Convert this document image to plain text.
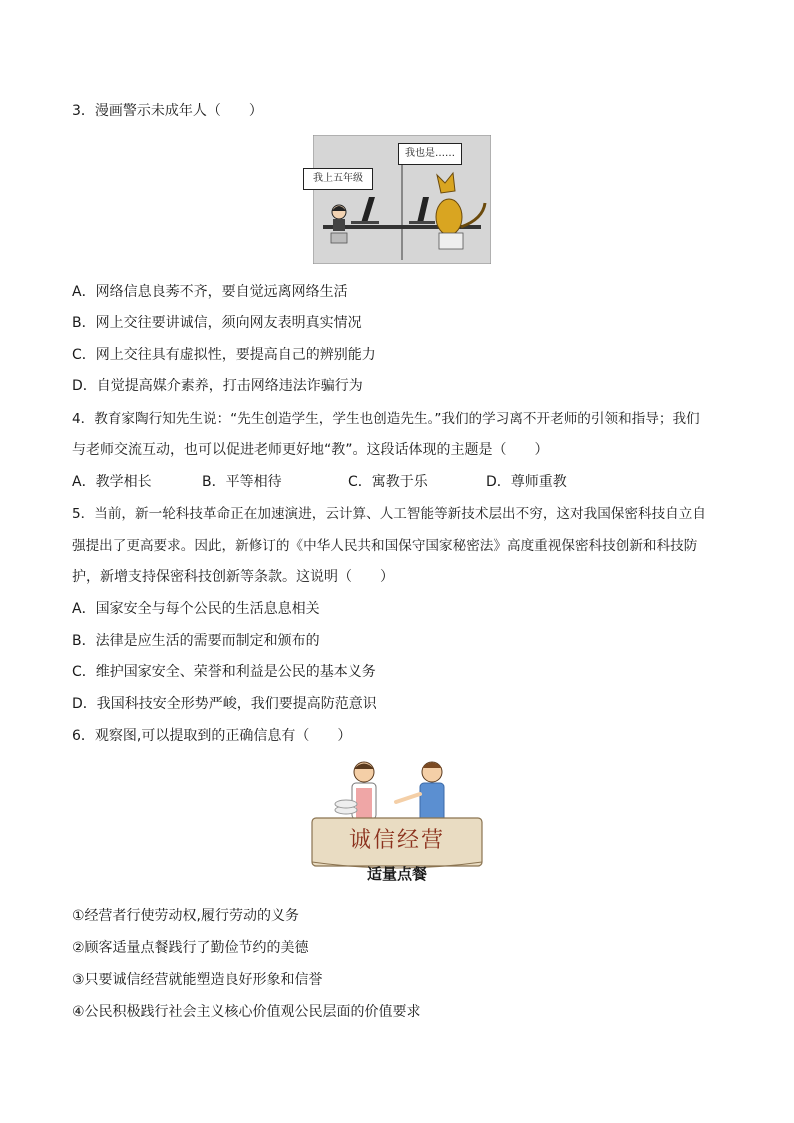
3．漫画警示未成年人（　　）
我上五年级
我也是……
A．网络信息良莠不齐，要自觉远离网络生活
B．网上交往要讲诚信，须向网友表明真实情况
C．网上交往具有虚拟性，要提高自己的辨别能力
D．自觉提高媒介素养，打击网络违法诈骗行为
4．教育家陶行知先生说：“先生创造学生，学生也创造先生。”我们的学习离不开老师的引领和指导；我们
与老师交流互动，也可以促进老师更好地“教”。这段话体现的主题是（　　）
A．教学相长	B．平等相待	C．寓教于乐	D．尊师重教
5．当前，新一轮科技革命正在加速演进，云计算、人工智能等新技术层出不穷，这对我国保密科技自立自
强提出了更高要求。因此，新修订的《中华人民共和国保守国家秘密法》高度重视保密科技创新和科技防
护，新增支持保密科技创新等条款。这说明（　　）
A．国家安全与每个公民的生活息息相关
B．法律是应生活的需要而制定和颁布的
C．维护国家安全、荣誉和利益是公民的基本义务
D．我国科技安全形势严峻，我们要提高防范意识
6．观察图,可以提取到的正确信息有（　　）
诚信经营
适量点餐
①经营者行使劳动权,履行劳动的义务
②顾客适量点餐践行了勤俭节约的美德
③只要诚信经营就能塑造良好形象和信誉
④公民积极践行社会主义核心价值观公民层面的价值要求
